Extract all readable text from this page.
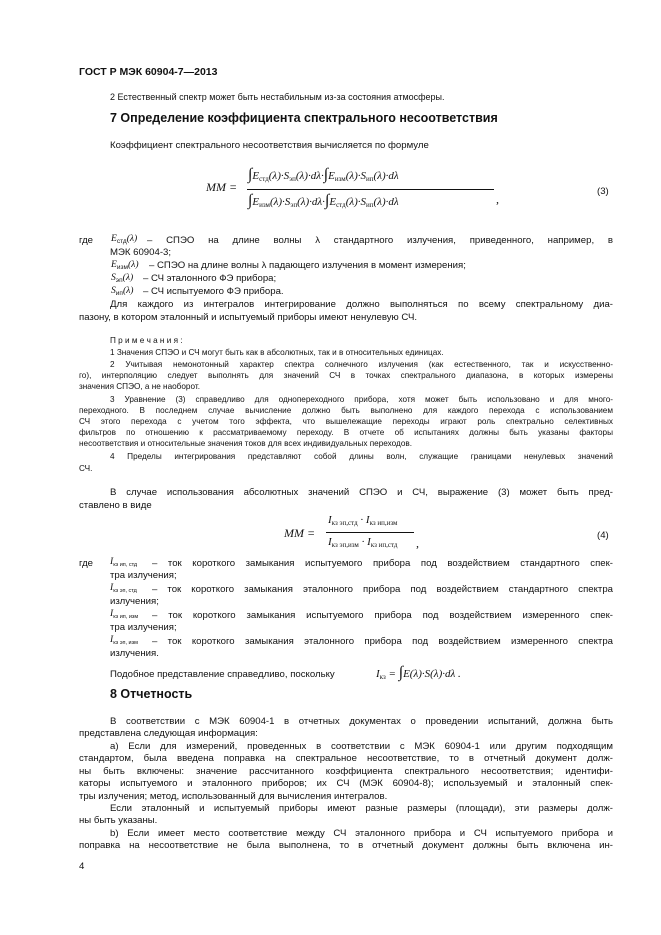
ГОСТ Р МЭК 60904-7—2013
2 Естественный спектр может быть нестабильным из-за состояния атмосферы.
7 Определение коэффициента спектрального несоответствия
Коэффициент спектрального несоответствия вычисляется по формуле
MM =
$\int E_{стд}(\lambda)\cdot S_{эп}(\lambda)\cdot d\lambda\cdot\int E_{изм}(\lambda)\cdot S_{ип}(\lambda)\cdot d\lambda$
$\int E_{изм}(\lambda)\cdot S_{эп}(\lambda)\cdot d\lambda\cdot\int E_{стд}(\lambda)\cdot S_{ип}(\lambda)\cdot d\lambda$	,
(3)
где $E_{стд}(\lambda)$ – СПЭО на длине волны λ стандартного излучения, приведенного, например, в
МЭК 60904-3;
$E_{изм}(\lambda)$ – СПЭО на длине волны λ падающего излучения в момент измерения;
$S_{эп}(\lambda)$ – СЧ эталонного ФЭ прибора;
$S_{ип}(\lambda)$ – СЧ испытуемого ФЭ прибора.
Для каждого из интегралов интегрирование должно выполняться по всему спектральному диа-
пазону, в котором эталонный и испытуемый приборы имеют ненулевую СЧ.
П р и м е ч а н и я :
1 Значения СПЭО и СЧ могут быть как в абсолютных, так и в относительных единицах.
2 Учитывая немонотонный характер спектра солнечного излучения (как естественного, так и искусственно-
го), интерполяцию следует выполнять для значений СЧ в точках спектрального диапазона, в которых измерены
значения СПЭО, а не наоборот.
3 Уравнение (3) справедливо для однопереходного прибора, хотя может быть использовано и для много-
переходного. В последнем случае вычисление должно быть выполнено для каждого перехода с использованием
СЧ этого перехода с учетом того эффекта, что вышележащие переходы играют роль спектрально селективных
фильтров по отношению к рассматриваемому переходу. В отчете об испытаниях должны быть указаны факторы
несоответствия и относительные значения токов для всех индивидуальных переходов.
4 Пределы интегрирования представляют собой длины волн, служащие границами ненулевых значений
СЧ.
В случае использования абсолютных значений СПЭО и СЧ, выражение (3) может быть пред-
ставлено в виде
MM =
$I_{кз эп,стд} \cdot I_{кз ип,изм}$
$I_{кз эп,изм} \cdot I_{кз ип,стд}$ ,
(4)
где $I_{кз ип, стд}$ – ток короткого замыкания испытуемого прибора под воздействием стандартного спек-
тра излучения;
$I_{кз эп, стд}$ – ток короткого замыкания эталонного прибора под воздействием стандартного спектра
излучения;
$I_{кз ип, изм}$ – ток короткого замыкания испытуемого прибора под воздействием измеренного спек-
тра излучения;
$I_{кз эп, изм}$ – ток короткого замыкания эталонного прибора под воздействием измеренного спектра
излучения.
Подобное представление справедливо, поскольку	$I_{кз} = \int E(\lambda)\cdot S(\lambda)\cdot d\lambda$ .
8 Отчетность
В соответствии с МЭК 60904-1 в отчетных документах о проведении испытаний, должна быть
представлена следующая информация:
а) Если для измерений, проведенных в соответствии с МЭК 60904-1 или другим подходящим
стандартом, была введена поправка на спектральное несоответствие, то в отчетный документ долж-
ны быть включены: значение рассчитанного коэффициента спектрального несоответствия; идентифи-
каторы испытуемого и эталонного приборов; их СЧ (МЭК 60904-8); используемый и эталонный спек-
тры излучения; метод, использованный для вычисления интегралов.
Если эталонный и испытуемый приборы имеют разные размеры (площади), эти размеры долж-
ны быть указаны.
b) Если имеет место соответствие между СЧ эталонного прибора и СЧ испытуемого прибора и
поправка на несоответствие не была выполнена, то в отчетный документ должны быть включена ин-
4
